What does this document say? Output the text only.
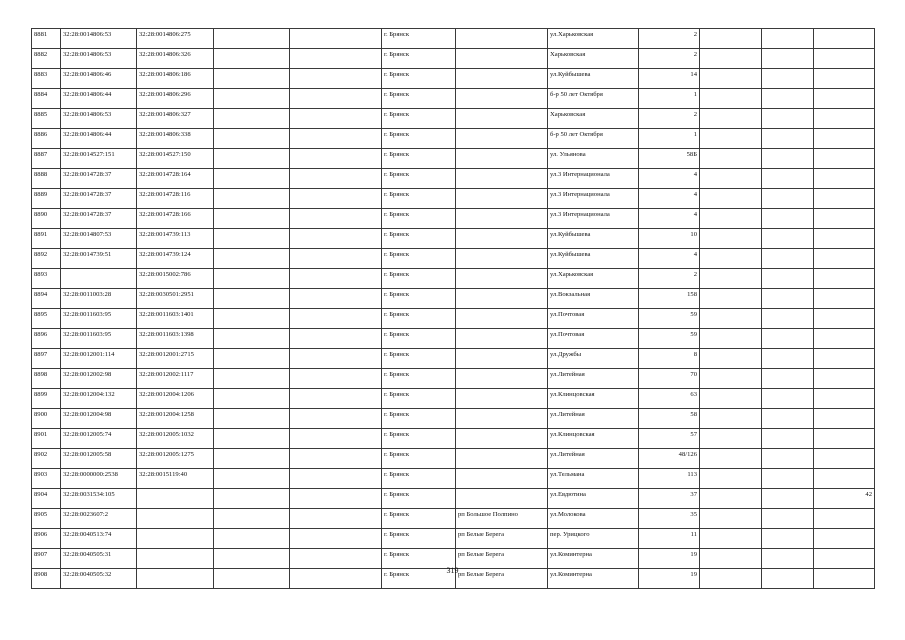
8881	32:28:0014806:53	32:28:0014806:275			г. Брянск		ул.Харьковская	2			
8882	32:28:0014806:53	32:28:0014806:326			г. Брянск		Харьковская	2			
8883	32:28:0014806:46	32:28:0014806:186			г. Брянск		ул.Куйбышева	14			
8884	32:28:0014806:44	32:28:0014806:296			г. Брянск		б-р 50 лет Октября	1			
8885	32:28:0014806:53	32:28:0014806:327			г. Брянск		Харьковская	2			
8886	32:28:0014806:44	32:28:0014806:338			г. Брянск		б-р 50 лет Октября	1			
8887	32:28:0014527:151	32:28:0014527:150			г. Брянск		ул. Ульянова	58Б			
8888	32:28:0014728:37	32:28:0014728:164			г. Брянск		ул.3 Интернационала	4			
8889	32:28:0014728:37	32:28:0014728:116			г. Брянск		ул.3 Интернационала	4			
8890	32:28:0014728:37	32:28:0014728:166			г. Брянск		ул.3 Интернационала	4			
8891	32:28:0014807:53	32:28:0014739:113			г. Брянск		ул.Куйбышева	10			
8892	32:28:0014739:51	32:28:0014739:124			г. Брянск		ул.Куйбышева	4			
8893		32:28:0015002:786			г. Брянск		ул.Харьковская	2			
8894	32:28:0011003:28	32:28:0030501:2951			г. Брянск		ул.Вокзальная	158			
8895	32:28:0011603:95	32:28:0011603:1401			г. Брянск		ул.Почтовая	59			
8896	32:28:0011603:95	32:28:0011603:1398			г. Брянск		ул.Почтовая	59			
8897	32:28:0012001:114	32:28:0012001:2715			г. Брянск		ул.Дружбы	8			
8898	32:28:0012002:98	32:28:0012002:1117			г. Брянск		ул.Литейная	70			
8899	32:28:0012004:132	32:28:0012004:1206			г. Брянск		ул.Клинцовская	63			
8900	32:28:0012004:98	32:28:0012004:1258			г. Брянск		ул.Литейная	58			
8901	32:28:0012005:74	32:28:0012005:1032			г. Брянск		ул.Клинцовская	57			
8902	32:28:0012005:58	32:28:0012005:1275			г. Брянск		ул.Литейная	48/126			
8903	32:28:0000000:2538	32:28:0015119:40			г. Брянск		ул.Тельмана	113			
8904	32:28:0031534:105				г. Брянск		ул.Евдютина	37			42
8905	32:28:0023607:2				г. Брянск	рп Большое Полпино	ул.Молокова	35			
8906	32:28:0040513:74				г. Брянск	рп Белые Берега	пер. Урицкого	11			
8907	32:28:0040505:31				г. Брянск	рп Белые Берега	ул.Коминтерна	19			
8908	32:28:0040505:32				г. Брянск	рп Белые Берега	ул.Коминтерна	19			
319
